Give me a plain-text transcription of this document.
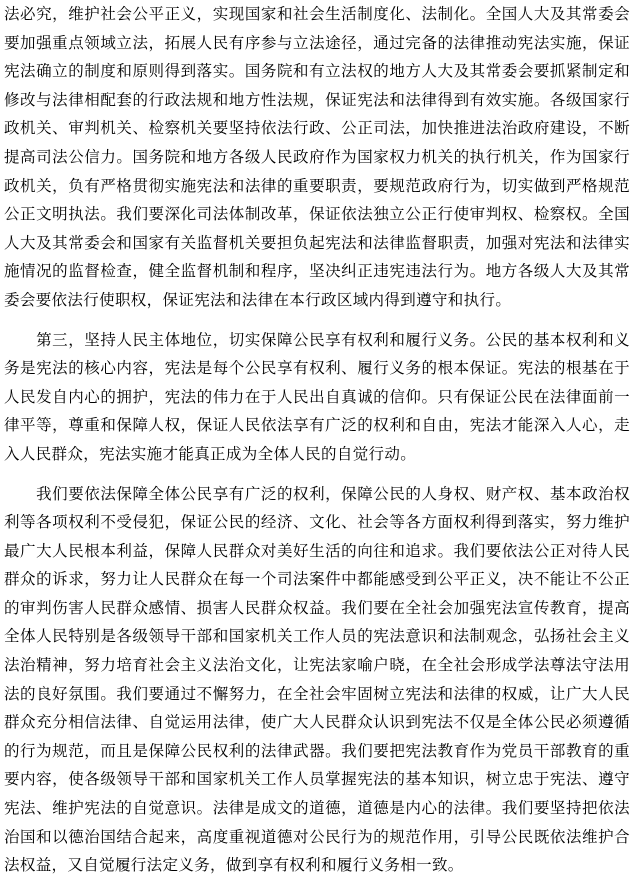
法必究，维护社会公平正义，实现国家和社会生活制度化、法制化。全国人大及其常委会要加强重点领域立法，拓展人民有序参与立法途径，通过完备的法律推动宪法实施，保证宪法确立的制度和原则得到落实。国务院和有立法权的地方人大及其常委会要抓紧制定和修改与法律相配套的行政法规和地方性法规，保证宪法和法律得到有效实施。各级国家行政机关、审判机关、检察机关要坚持依法行政、公正司法，加快推进法治政府建设，不断提高司法公信力。国务院和地方各级人民政府作为国家权力机关的执行机关，作为国家行政机关，负有严格贯彻实施宪法和法律的重要职责，要规范政府行为，切实做到严格规范公正文明执法。我们要深化司法体制改革，保证依法独立公正行使审判权、检察权。全国人大及其常委会和国家有关监督机关要担负起宪法和法律监督职责，加强对宪法和法律实施情况的监督检查，健全监督机制和程序，坚决纠正违宪违法行为。地方各级人大及其常委会要依法行使职权，保证宪法和法律在本行政区域内得到遵守和执行。

　　第三，坚持人民主体地位，切实保障公民享有权利和履行义务。公民的基本权利和义务是宪法的核心内容，宪法是每个公民享有权利、履行义务的根本保证。宪法的根基在于人民发自内心的拥护，宪法的伟力在于人民出自真诚的信仰。只有保证公民在法律面前一律平等，尊重和保障人权，保证人民依法享有广泛的权利和自由，宪法才能深入人心，走入人民群众，宪法实施才能真正成为全体人民的自觉行动。

　　我们要依法保障全体公民享有广泛的权利，保障公民的人身权、财产权、基本政治权利等各项权利不受侵犯，保证公民的经济、文化、社会等各方面权利得到落实，努力维护最广大人民根本利益，保障人民群众对美好生活的向往和追求。我们要依法公正对待人民群众的诉求，努力让人民群众在每一个司法案件中都能感受到公平正义，决不能让不公正的审判伤害人民群众感情、损害人民群众权益。我们要在全社会加强宪法宣传教育，提高全体人民特别是各级领导干部和国家机关工作人员的宪法意识和法制观念，弘扬社会主义法治精神，努力培育社会主义法治文化，让宪法家喻户晓，在全社会形成学法尊法守法用法的良好氛围。我们要通过不懈努力，在全社会牢固树立宪法和法律的权威，让广大人民群众充分相信法律、自觉运用法律，使广大人民群众认识到宪法不仅是全体公民必须遵循的行为规范，而且是保障公民权利的法律武器。我们要把宪法教育作为党员干部教育的重要内容，使各级领导干部和国家机关工作人员掌握宪法的基本知识，树立忠于宪法、遵守宪法、维护宪法的自觉意识。法律是成文的道德，道德是内心的法律。我们要坚持把依法治国和以德治国结合起来，高度重视道德对公民行为的规范作用，引导公民既依法维护合法权益，又自觉履行法定义务，做到享有权利和履行义务相一致。
